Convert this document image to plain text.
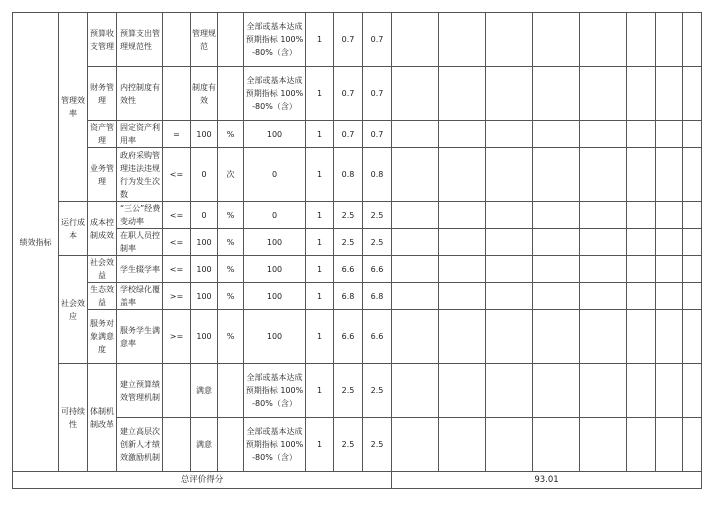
绩效指标	管理效率	预算收支管理	预算支出管理规范性		管理规范		全部或基本达成预期指标 100%-80%（含）	1	0.7	0.7								
		财务管理	内控制度有效性		制度有效		全部或基本达成预期指标 100%-80%（含）	1	0.7	0.7								
		资产管理	固定资产利用率	=	100	%	100	1	0.7	0.7								
		业务管理	政府采购管理违法违规行为发生次数	<=	0	次	0	1	0.8	0.8								
	运行成本	成本控制成效	“三公”经费变动率	<=	0	%	0	1	2.5	2.5								
			在职人员控制率	<=	100	%	100	1	2.5	2.5								
	社会效应	社会效益	学生辍学率	<=	100	%	100	1	6.6	6.6								
		生态效益	学校绿化覆盖率	>=	100	%	100	1	6.8	6.8								
		服务对象满意度	服务学生满意率	>=	100	%	100	1	6.6	6.6								
	可持续性	体制机制改革	建立预算绩效管理机制		满意		全部或基本达成预期指标 100%-80%（含）	1	2.5	2.5								
			建立高层次创新人才绩效激励机制		满意		全部或基本达成预期指标 100%-80%（含）	1	2.5	2.5								
总评价得分											93.01							
